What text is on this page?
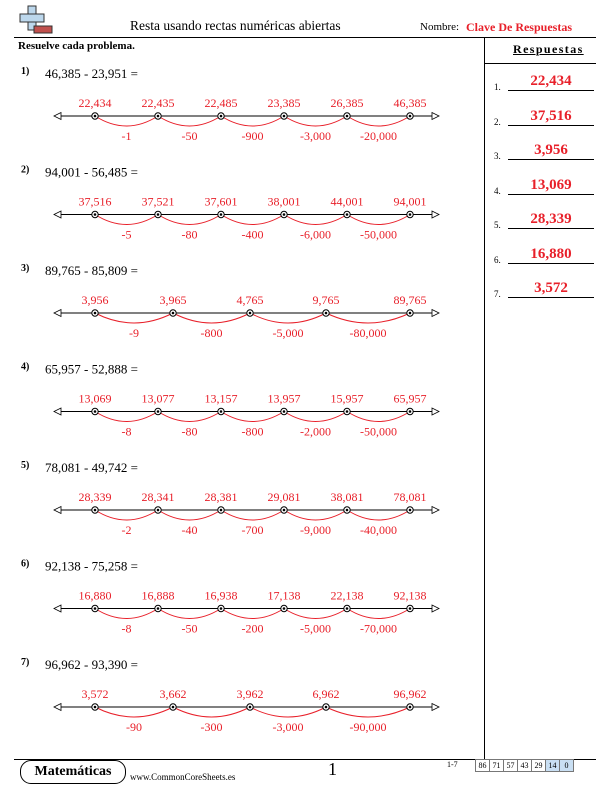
Resta usando rectas numéricas abiertas	Nombre: Clave De Respuestas
Resuelve cada problema.	Respuestas
1.	22,434
2.	37,516
3.	3,956
4.	13,069
5.	28,339
6.	16,880
7.	3,572
1) 46,385 - 23,951 =
-1	-50	-900	-3,000 -20,000
22,434	22,435	22,485	23,385	26,385	46,385
2) 94,001 - 56,485 =
-5	-80	-400	-6,000 -50,000
37,516	37,521	37,601	38,001	44,001	94,001
3) 89,765 - 85,809 =
-9	-800	-5,000	-80,000
3,956	3,965	4,765	9,765	89,765
4) 65,957 - 52,888 =
-8	-80	-800	-2,000 -50,000
13,069	13,077	13,157	13,957	15,957	65,957
5) 78,081 - 49,742 =
-2	-40	-700	-9,000 -40,000
28,339	28,341	28,381	29,081	38,081	78,081
6) 92,138 - 75,258 =
-8	-50	-200	-5,000 -70,000
16,880	16,888	16,938	17,138	22,138	92,138
7) 96,962 - 93,390 =
-90	-300	-3,000	-90,000
3,572	3,662	3,962	6,962	96,962
Matemáticas	www.CommonCoreSheets.es	1	1-7	86 71 57 43 29 14	0
